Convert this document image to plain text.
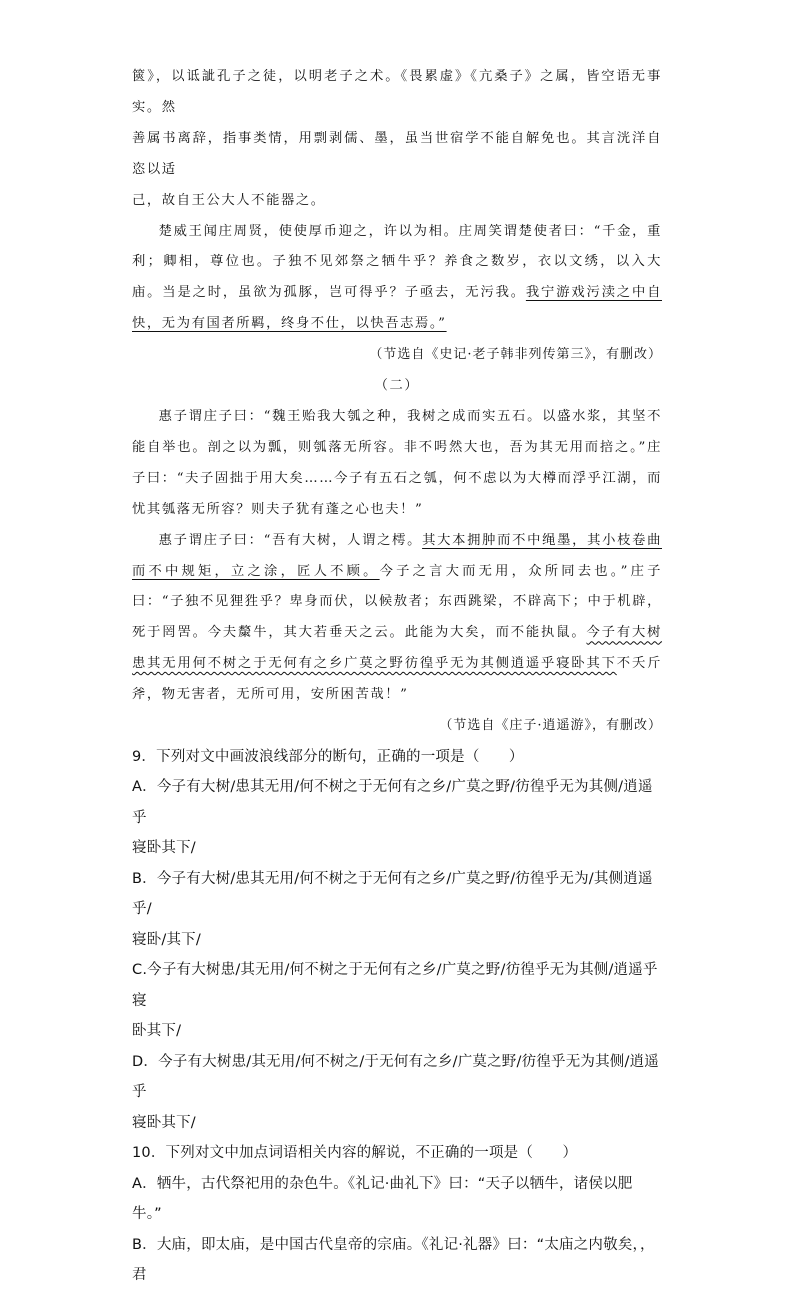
篋》，以诋訿孔子之徒，以明老子之术。《畏累虚》《亢桑子》之属，皆空语无事实。然

善属书离辞，指事类情，用剽剥儒、墨，虽当世宿学不能自解免也。其言洸洋自恣以适

己，故自王公大人不能器之。

楚威王闻庄周贤，使使厚币迎之，许以为相。庄周笑谓楚使者曰：“千金，重利；卿相，尊位也。子独不见郊祭之牺牛乎？养食之数岁，衣以文绣，以入大庙。当是之时，虽欲为孤豚，岂可得乎？子亟去，无污我。我宁游戏污渎之中自快，无为有国者所羁，终身不仕，以快吾志焉。”

（节选自《史记·老子韩非列传第三》，有删改）

（二）

惠子谓庄子曰：“魏王贻我大瓠之种，我树之成而实五石。以盛水浆，其坚不能自举也。剖之以为瓢，则瓠落无所容。非不呺然大也，吾为其无用而掊之。”庄子曰：“夫子固拙于用大矣……今子有五石之瓠，何不虑以为大樽而浮乎江湖，而忧其瓠落无所容？则夫子犹有蓬之心也夫！”

惠子谓庄子曰：“吾有大树，人谓之樗。其大本拥肿而不中绳墨，其小枝卷曲而不中规矩，立之涂，匠人不顾。今子之言大而无用，众所同去也。”庄子曰：“子独不见狸狌乎？卑身而伏，以候敖者；东西跳梁，不辟高下；中于机辟，死于罔罟。今夫斄牛，其大若垂天之云。此能为大矣，而不能执鼠。今子有大树患其无用何不树之于无何有之乡广莫之野彷徨乎无为其侧逍遥乎寝卧其下不夭斤斧，物无害者，无所可用，安所困苦哉！”

（节选自《庄子·逍遥游》，有删改）

9．下列对文中画波浪线部分的断句，正确的一项是（　　）

A．今子有大树/患其无用/何不树之于无何有之乡/广莫之野/彷徨乎无为其侧/逍遥乎

寝卧其下/

B．今子有大树/患其无用/何不树之于无何有之乡/广莫之野/彷徨乎无为/其侧逍遥乎/

寝卧/其下/

C.今子有大树患/其无用/何不树之于无何有之乡/广莫之野/彷徨乎无为其侧/逍遥乎寝

卧其下/

D．今子有大树患/其无用/何不树之/于无何有之乡/广莫之野/彷徨乎无为其侧/逍遥乎

寝卧其下/

10．下列对文中加点词语相关内容的解说，不正确的一项是（　　）

A．牺牛，古代祭祀用的杂色牛。《礼记·曲礼下》曰：“天子以牺牛，诸侯以肥牛。”

B．大庙，即太庙，是中国古代皇帝的宗庙。《礼记·礼器》曰：“太庙之内敬矣，，君
